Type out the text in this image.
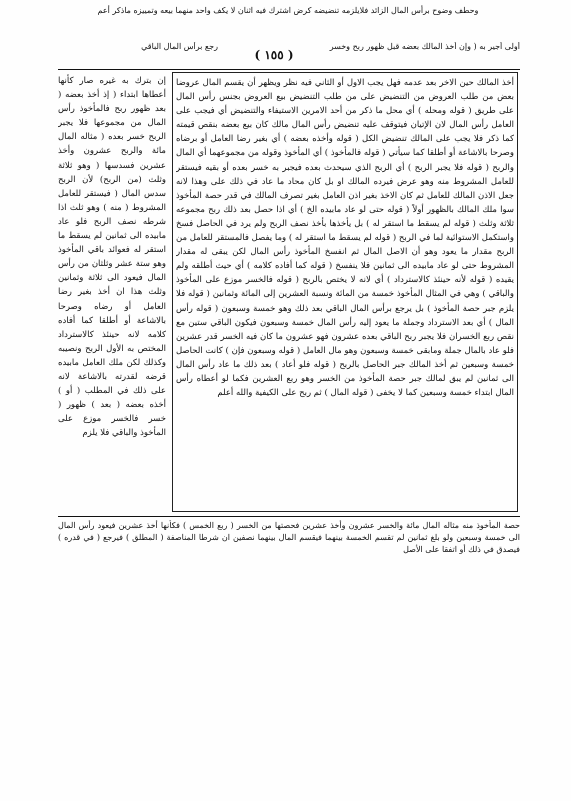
وحطف وضوح برأس المال الزائد فلايلزمه تنضيضه كرض اشترك فيه اثنان لا يكف واحد منهما بيعه وتمييزه ماذكر أعم
رجع برأس المال الباقي
( ١٥٥ )
أولى أجير به ( وإن أخذ المالك بعضه قبل ظهور ربح وخسر
إن بترك به غيره صار كأنها أعطاها ابتداء ( إذ أخذ بعضه ( بعد ظهور ربح فالمأخوذ رأس المال من مجموعها فلا يجبر الربح خسر بعده ( مثاله المال مائة والربح عشرون وأخذ عشرين فسدسها ( وهو ثلاثة وثلث (من الربح) لأن الربح سدس المال ( فيستقر للعامل المشروط ( منه ) وهو ثلث اذا شرطه نصف الربح فلو عاد مابيده الى ثمانين لم يسقط ما استقر له فعوائد باقي المأخوذ وهو ستة عشر وثلثان من رأس المال فيعود الى ثلاثة وثمانين وثلث هذا ان أخذ بغير رضا العامل أو رضاه وصرحا بالاشاعة أو أطلقا كما أفاده كلامه لانه حينئذ كالاسترداد المختص به الأول الربح ونصيبه وكذلك لكن ملك العامل مابيده قرضه لقدرته بالاشاعة لانه على ذلك في المطلب ( أو ) أخذه بعضه ( بعد ) ظهور ( خسر فالخسر موزع على المأخوذ والباقي فلا يلزم
أخذ المالك حين الاخر بعد عدمه فهل يجب الاول أو الثاني فيه نظر ويظهر أن يقسم المال عروضا بعض من طلب العروض من التنضيض على من طلب التنضيض بيع العروض بجنس رأس المال على طريق ( قوله ومحله ) أي محل ما ذكر من أحد الامرين الاستيفاء والتنضيض أي فيجب على العامل رأس المال لان الإتيان فيتوقف عليه تنضيض رأس المال مالك كان بيع بعضه بنقص قيمته كما ذكر فلا يجب على المالك تنضيض الكل ( قوله وأخذه بعضه ) أي بغير رضا العامل أو برضاه وصرحا بالاشاعة أو أطلقا كما سيأتي ( قوله فالمأخوذ ) أي المأخوذ وقوله من مجموعهما أي المال والربح ( قوله فلا يجبر الربح ) أي الربح الذي سيحدث بعده فيجبر به خسر بعده أو بقيه فيستقر للعامل المشروط منه وهو عرض فيرده المالك او بل كان محاد ما عاد في ذلك على وهذا لانه جعل الاذن المالك للعامل ثم كان الاخذ بغير اذن العامل بغير تصرف المالك في قدر حصة المأخوذ سوا ملك المالك بالظهور أولاً ( قوله حتى لو عاد مابيده الخ ) أي اذا حصل بعد ذلك ربح مجموعه ثلاثة وثلث ( قوله لم يسقط ما استقر له ) بل يأخذها بأخذ نصف الربح ولم يرد في الحاصل فسخ واستكمل الاستوائية لما في الربح ( قوله لم يسقط ما استقر له ) وما يفصل فالمستقر للعامل من الربح مقدار ما يعود وهو أن الاصل المال ثم انفسخ المأخوذ رأس المال لكن يبقى له مقدار المشروط حتى لو عاد مابيده الى ثمانين فلا ينفسخ ( قوله كما أفاده كلامه ) أي حيث أطلقه ولم يقيده ( قوله لأنه حينئذ كالاسترداد ) أي لانه لا يختص بالربح ( قوله فالخسر موزع على المأخوذ والباقي ) وهي في المثال المأخوذ خمسة من المائة ونسبة العشرين إلى المائة وثمانين ( قوله فلا يلزم جبر حصة المأخوذ ) بل يرجع برأس المال الباقي بعد ذلك وهو خمسة وسبعون ( قوله رأس المال ) أي بعد الاسترداد وجملة ما يعود إليه رأس المال خمسة وسبعون فيكون الباقي ستين مع نقص ربع الخسران فلا يجبر ربح الباقي بعده عشرون فهو عشرون ما كان فيه الخسر قدر عشرين فلو عاد بالمال جملة ومابقى خمسة وسبعون وهو مال العامل ( قوله وسبعون فإن ) كانت الحاصل خمسة وسبعين ثم أخذ المالك جبر الحاصل بالربح ( قوله فلو أعاد ) بعد ذلك ما عاد رأس المال الى ثمانين لم يبق لمالك جبر حصة المأخوذ من الخسر وهو ربع العشرين فكما لو أعطاه رأس المال ابتداء خمسة وسبعين كما لا يخفى ( قوله المال ) ثم ربح على الكيفية والله أعلم
حصة المأخوذ منه مثاله المال مائة والخسر عشرون وأخذ عشرين فحصتها من الخسر ( ربع الخمس ) فكأنها أخذ عشرين فيعود رأس المال الى خمسة وسبعين ولو بلغ ثمانين لم تقسم الخمسة بينهما فيقسم المال بينهما نصفين ان شرطا المناصفة ( المطلق ) فيرجع ( في قدره ) فيصدق في ذلك أو اتفقا على الأصل
